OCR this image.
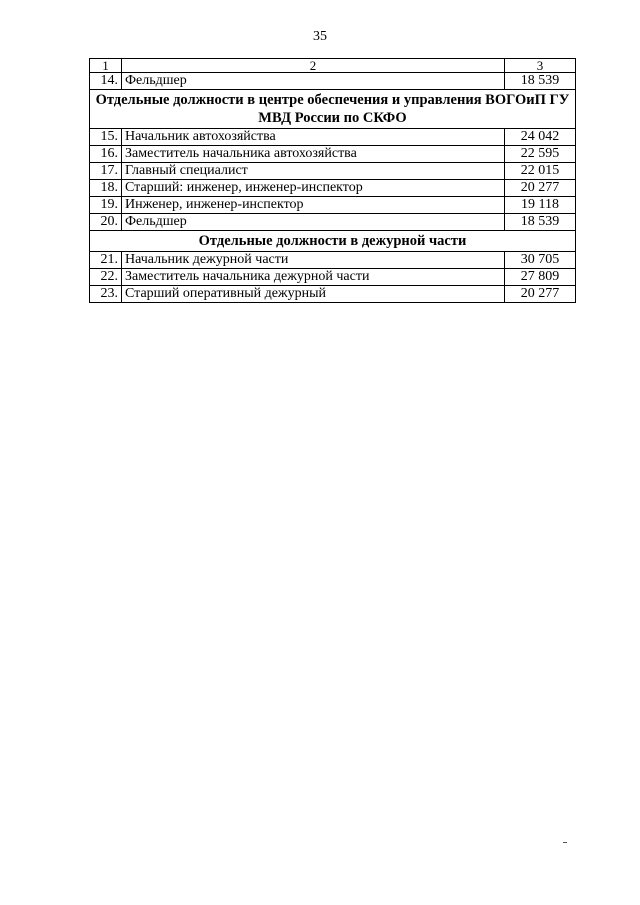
35
1	2	3
14.	Фельдшер	18 539
Отдельные должности в центре обеспечения и управления ВОГОиП ГУ МВД России по СКФО		
15.	Начальник автохозяйства	24 042
16.	Заместитель начальника автохозяйства	22 595
17.	Главный специалист	22 015
18.	Старший: инженер, инженер-инспектор	20 277
19.	Инженер, инженер-инспектор	19 118
20.	Фельдшер	18 539
Отдельные должности в дежурной части		
21.	Начальник дежурной части	30 705
22.	Заместитель начальника дежурной части	27 809
23.	Старший оперативный дежурный	20 277
